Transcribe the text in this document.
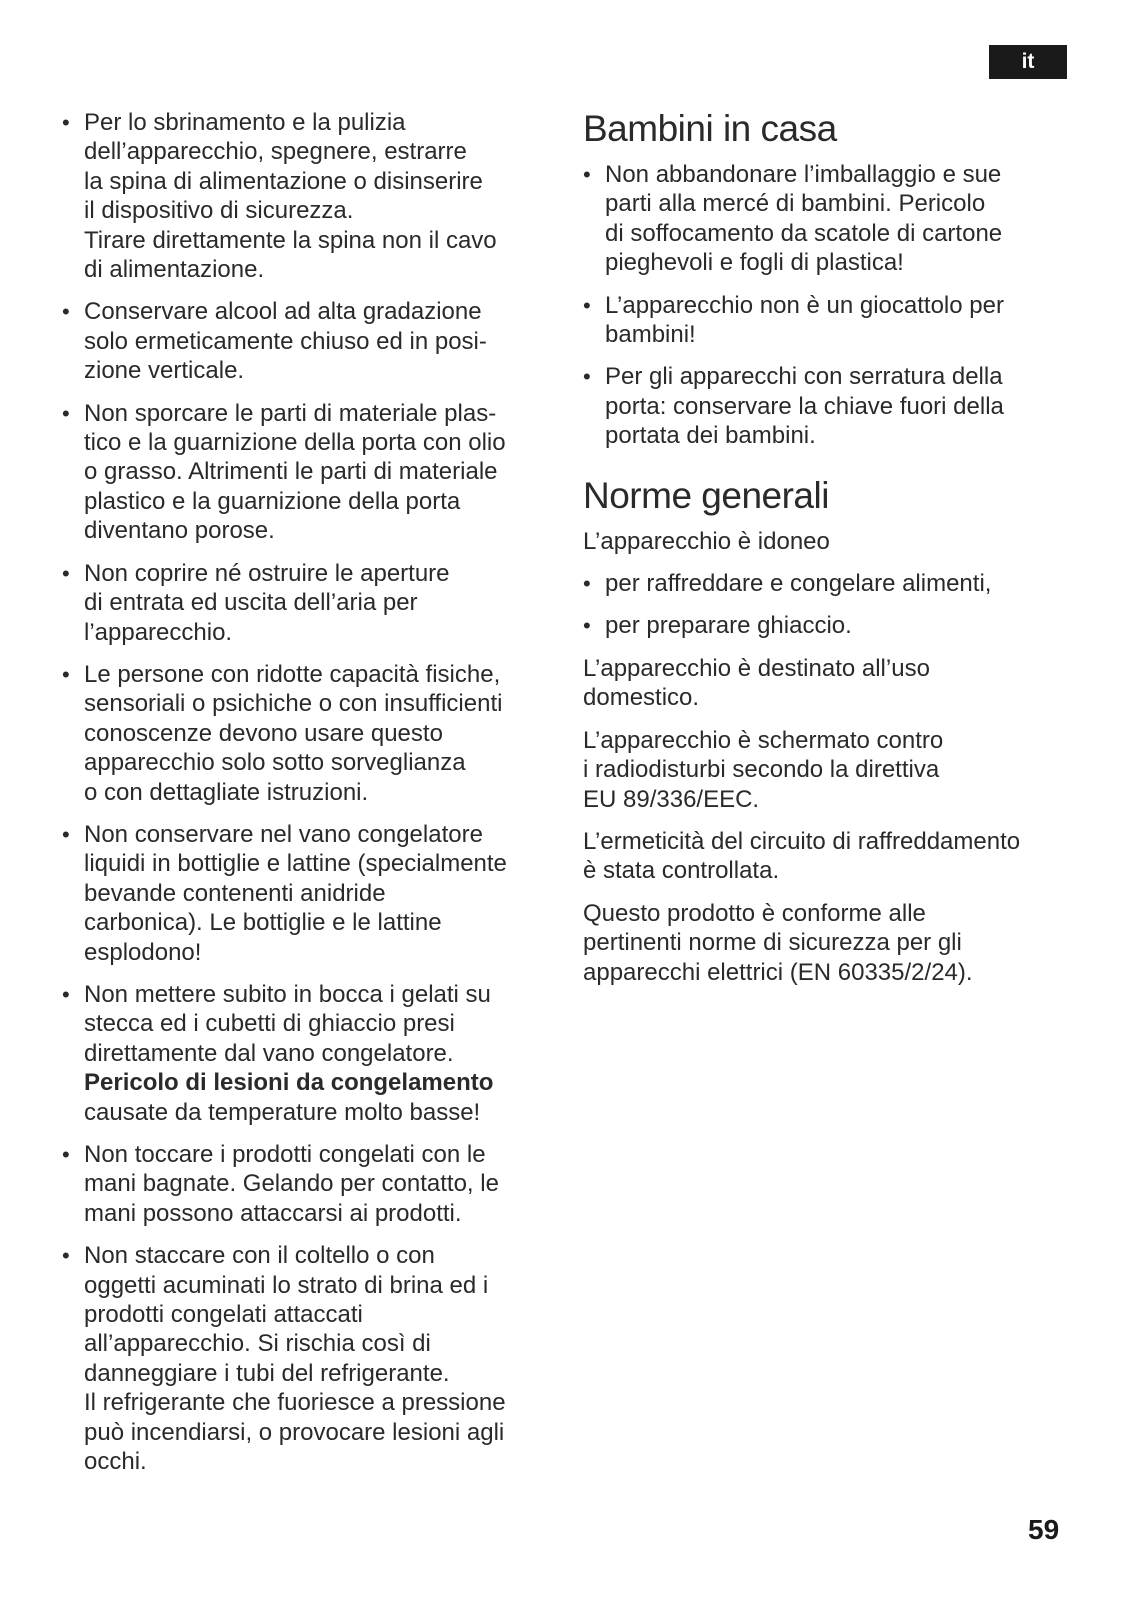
it
• Per lo sbrinamento e la pulizia
dell’apparecchio, spegnere, estrarre
la spina di alimentazione o disinserire
il dispositivo di sicurezza.
Tirare direttamente la spina non il cavo
di alimentazione.
• Conservare alcool ad alta gradazione
solo ermeticamente chiuso ed in posi-
zione verticale.
• Non sporcare le parti di materiale plas-
tico e la guarnizione della porta con olio
o grasso. Altrimenti le parti di materiale
plastico e la guarnizione della porta
diventano porose.
• Non coprire né ostruire le aperture
di entrata ed uscita dell’aria per
l’apparecchio.
• Le persone con ridotte capacità fisiche,
sensoriali o psichiche o con insufficienti
conoscenze devono usare questo
apparecchio solo sotto sorveglianza
o con dettagliate istruzioni.
• Non conservare nel vano congelatore
liquidi in bottiglie e lattine (specialmente
bevande contenenti anidride
carbonica). Le bottiglie e le lattine
esplodono!
• Non mettere subito in bocca i gelati su
stecca ed i cubetti di ghiaccio presi
direttamente dal vano congelatore.
Pericolo di lesioni da congelamento
causate da temperature molto basse!
• Non toccare i prodotti congelati con le
mani bagnate. Gelando per contatto, le
mani possono attaccarsi ai prodotti.
• Non staccare con il coltello o con
oggetti acuminati lo strato di brina ed i
prodotti congelati attaccati
all’apparecchio. Si rischia così di
danneggiare i tubi del refrigerante.
Il refrigerante che fuoriesce a pressione
può incendiarsi, o provocare lesioni agli
occhi.
Bambini in casa
• Non abbandonare l’imballaggio e sue
parti alla mercé di bambini. Pericolo
di soffocamento da scatole di cartone
pieghevoli e fogli di plastica!
• L’apparecchio non è un giocattolo per
bambini!
• Per gli apparecchi con serratura della
porta: conservare la chiave fuori della
portata dei bambini.
Norme generali

L’apparecchio è idoneo

• per raffreddare e congelare alimenti,
• per preparare ghiaccio.

L’apparecchio è destinato all’uso
domestico.

L’apparecchio è schermato contro
i radiodisturbi secondo la direttiva
EU 89/336/EEC.

L’ermeticità del circuito di raffreddamento
è stata controllata.

Questo prodotto è conforme alle
pertinenti norme di sicurezza per gli
apparecchi elettrici (EN 60335/2/24).

59
